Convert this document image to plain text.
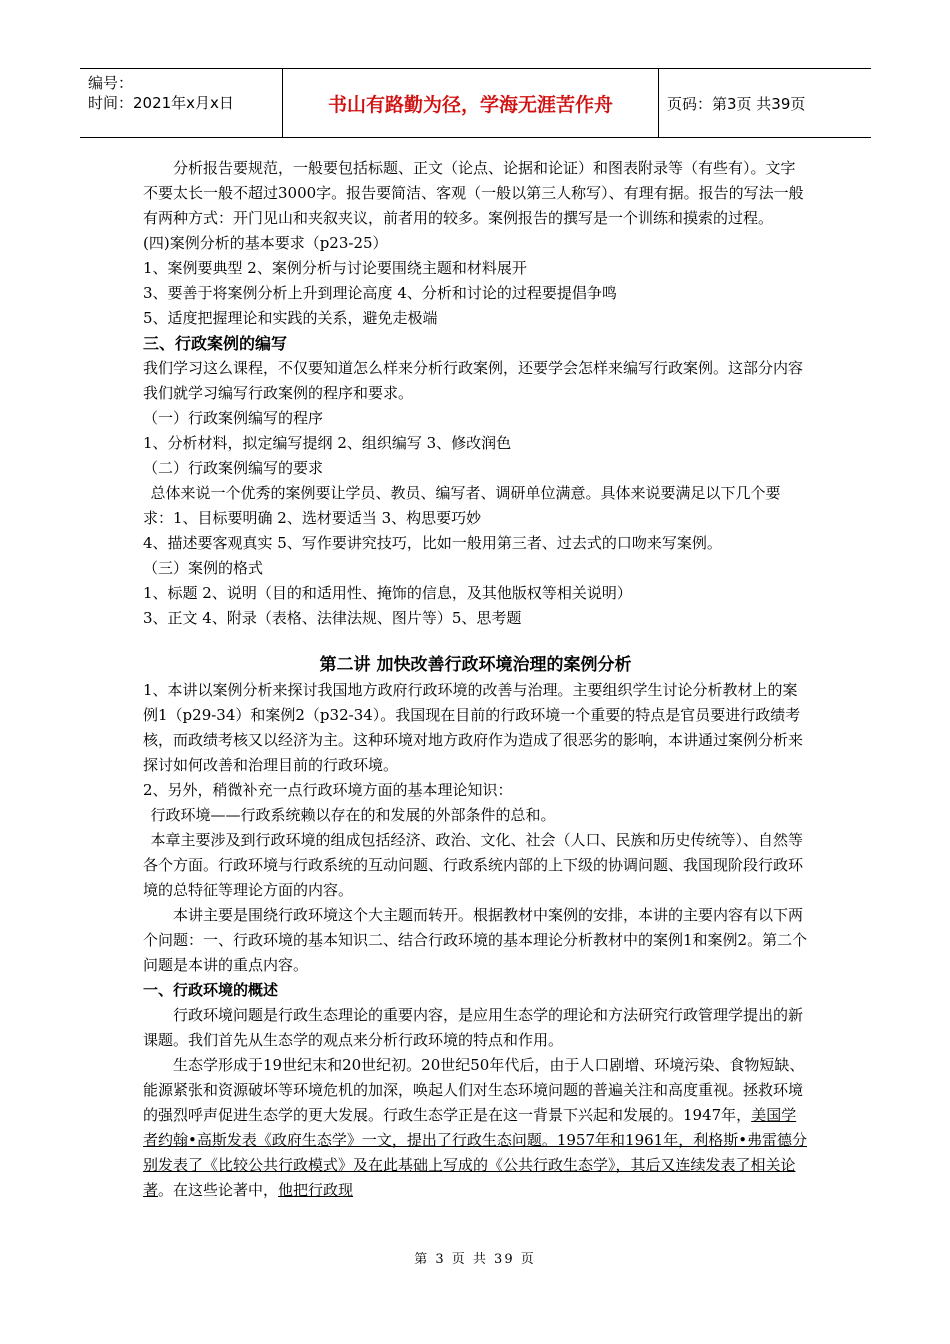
编号：
时间：2021年x月x日	书山有路勤为径，学海无涯苦作舟	页码：第3页 共39页

分析报告要规范，一般要包括标题、正文（论点、论据和论证）和图表附录等（有些有）。文字不要太长一般不超过3000字。报告要简洁、客观（一般以第三人称写）、有理有据。报告的写法一般有两种方式：开门见山和夹叙夹议，前者用的较多。案例报告的撰写是一个训练和摸索的过程。

(四)案例分析的基本要求（p23-25）

1、案例要典型 2、案例分析与讨论要围绕主题和材料展开

3、要善于将案例分析上升到理论高度 4、分析和讨论的过程要提倡争鸣

5、适度把握理论和实践的关系，避免走极端

三、行政案例的编写

我们学习这么课程，不仅要知道怎么样来分析行政案例，还要学会怎样来编写行政案例。这部分内容我们就学习编写行政案例的程序和要求。

（一）行政案例编写的程序

1、分析材料，拟定编写提纲 2、组织编写 3、修改润色

（二）行政案例编写的要求

总体来说一个优秀的案例要让学员、教员、编写者、调研单位满意。具体来说要满足以下几个要求：1、目标要明确 2、选材要适当 3、构思要巧妙

4、描述要客观真实 5、写作要讲究技巧，比如一般用第三者、过去式的口吻来写案例。

（三）案例的格式

1、标题 2、说明（目的和适用性、掩饰的信息，及其他版权等相关说明）

3、正文 4、附录（表格、法律法规、图片等）5、思考题

第二讲 加快改善行政环境治理的案例分析

1、本讲以案例分析来探讨我国地方政府行政环境的改善与治理。主要组织学生讨论分析教材上的案例1（p29-34）和案例2（p32-34）。我国现在目前的行政环境一个重要的特点是官员要进行政绩考核，而政绩考核又以经济为主。这种环境对地方政府作为造成了很恶劣的影响，本讲通过案例分析来探讨如何改善和治理目前的行政环境。

2、另外，稍微补充一点行政环境方面的基本理论知识：

行政环境——行政系统赖以存在的和发展的外部条件的总和。

本章主要涉及到行政环境的组成包括经济、政治、文化、社会（人口、民族和历史传统等）、自然等各个方面。行政环境与行政系统的互动问题、行政系统内部的上下级的协调问题、我国现阶段行政环境的总特征等理论方面的内容。

本讲主要是围绕行政环境这个大主题而转开。根据教材中案例的安排，本讲的主要内容有以下两个问题：一、行政环境的基本知识二、结合行政环境的基本理论分析教材中的案例1和案例2。第二个问题是本讲的重点内容。

一、行政环境的概述

行政环境问题是行政生态理论的重要内容，是应用生态学的理论和方法研究行政管理学提出的新课题。我们首先从生态学的观点来分析行政环境的特点和作用。

生态学形成于19世纪末和20世纪初。20世纪50年代后，由于人口剧增、环境污染、食物短缺、能源紧张和资源破坏等环境危机的加深，唤起人们对生态环境问题的普遍关注和高度重视。拯救环境的强烈呼声促进生态学的更大发展。行政生态学正是在这一背景下兴起和发展的。1947年，美国学者约翰•高斯发表《政府生态学》一文，提出了行政生态问题。1957年和1961年，利格斯•弗雷德分别发表了《比较公共行政模式》及在此基础上写成的《公共行政生态学》，其后又连续发表了相关论著。在这些论著中，他把行政现

第 3 页 共 39 页
